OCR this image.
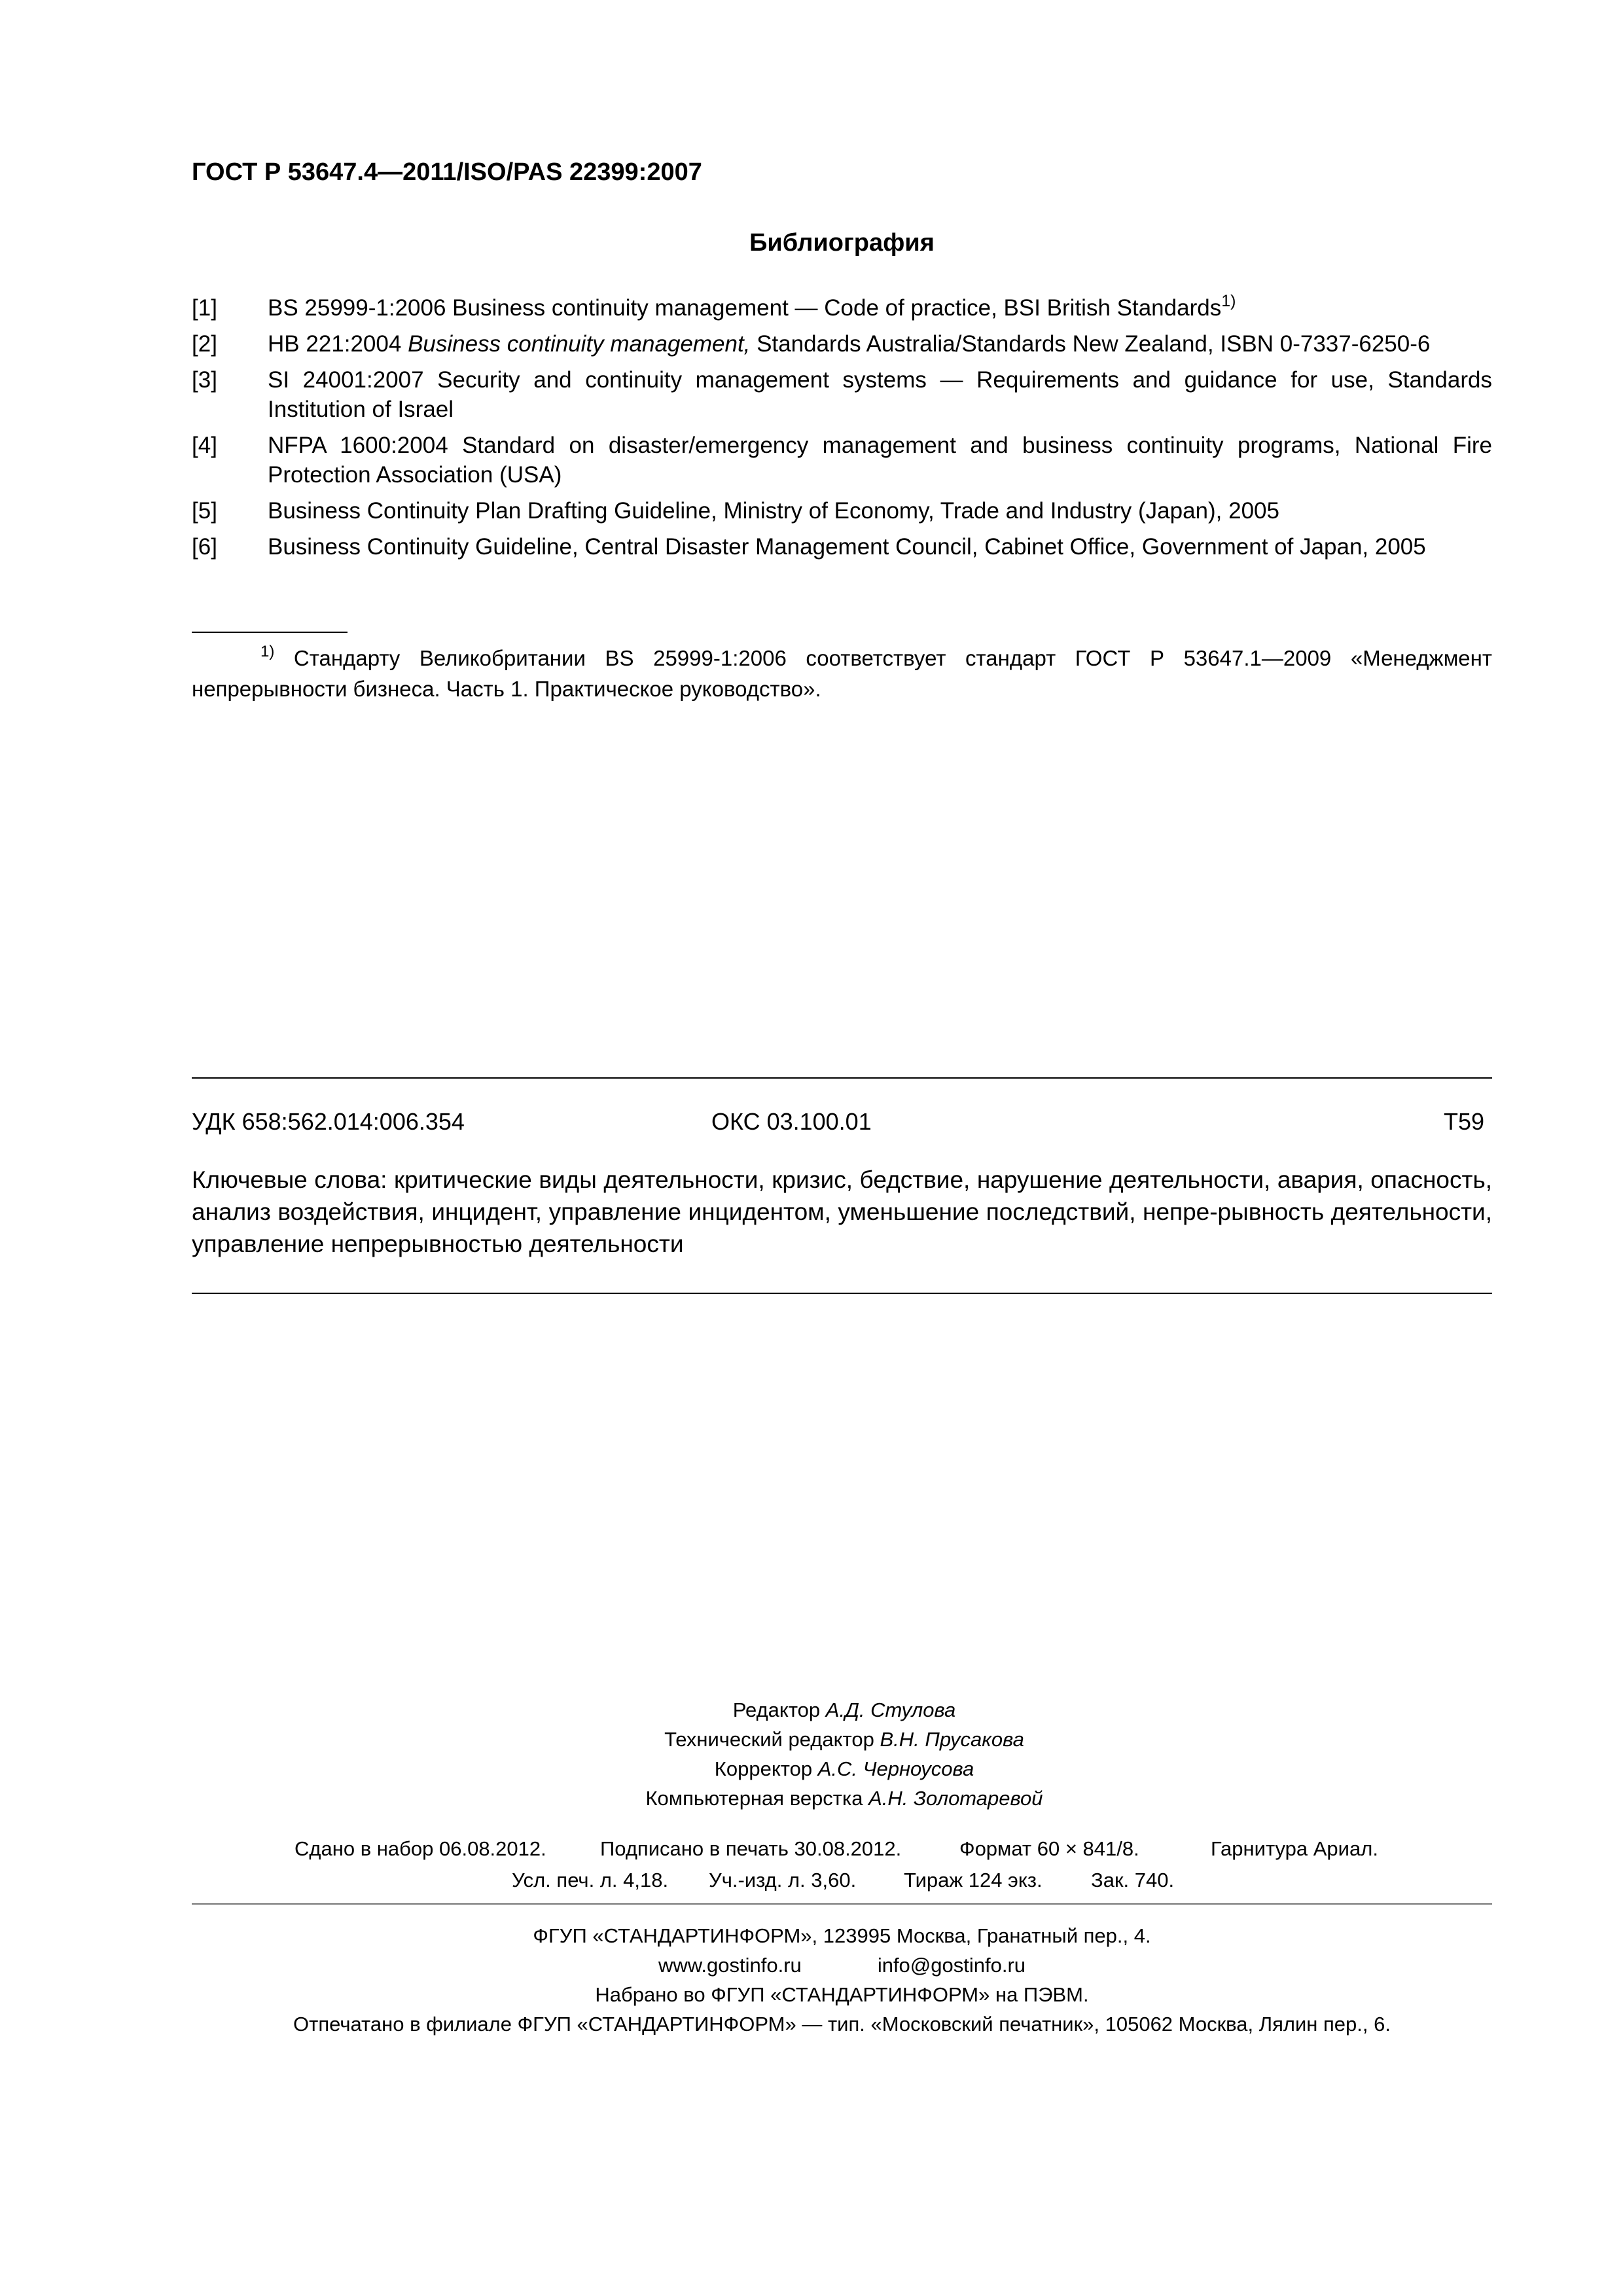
ГОСТ Р 53647.4—2011/ISO/PAS 22399:2007
Библиография
[1] BS 25999-1:2006 Business continuity management — Code of practice, BSI British Standards$^{1)}$
[2] HB 221:2004 Business continuity management, Standards Australia/Standards New Zealand, ISBN 0-7337-6250-6
[3] SI 24001:2007 Security and continuity management systems — Requirements and guidance for use, Standards Institution of Israel
[4] NFPA 1600:2004 Standard on disaster/emergency management and business continuity programs, National Fire Protection Association (USA)
[5] Business Continuity Plan Drafting Guideline, Ministry of Economy, Trade and Industry (Japan), 2005
[6] Business Continuity Guideline, Central Disaster Management Council, Cabinet Office, Government of Japan, 2005
$^{1)}$ Стандарту Великобритании BS 25999-1:2006 соответствует стандарт ГОСТ Р 53647.1—2009 «Менеджмент непрерывности бизнеса. Часть 1. Практическое руководство».
УДК 658:562.014:006.354	ОКС 03.100.01	Т59
Ключевые слова: критические виды деятельности, кризис, бедствие, нарушение деятельности, авария, опасность, анализ воздействия, инцидент, управление инцидентом, уменьшение последствий, непре-рывность деятельности, управление непрерывностью деятельности
Редактор А.Д. Стулова
Технический редактор В.Н. Прусакова
Корректор А.С. Черноусова
Компьютерная верстка А.Н. Золотаревой
Сдано в набор 06.08.2012.	Подписано в печать 30.08.2012.	Формат 60 × 841/8.	Гарнитура Ариал.
Усл. печ. л. 4,18. Уч.-изд. л. 3,60. Тираж 124 экз. Зак. 740.
ФГУП «СТАНДАРТИНФОРМ», 123995 Москва, Гранатный пер., 4.
www.gostinfo.ru	info@gostinfo.ru
Набрано во ФГУП «СТАНДАРТИНФОРМ» на ПЭВМ.
Отпечатано в филиале ФГУП «СТАНДАРТИНФОРМ» — тип. «Московский печатник», 105062 Москва, Лялин пер., 6.
